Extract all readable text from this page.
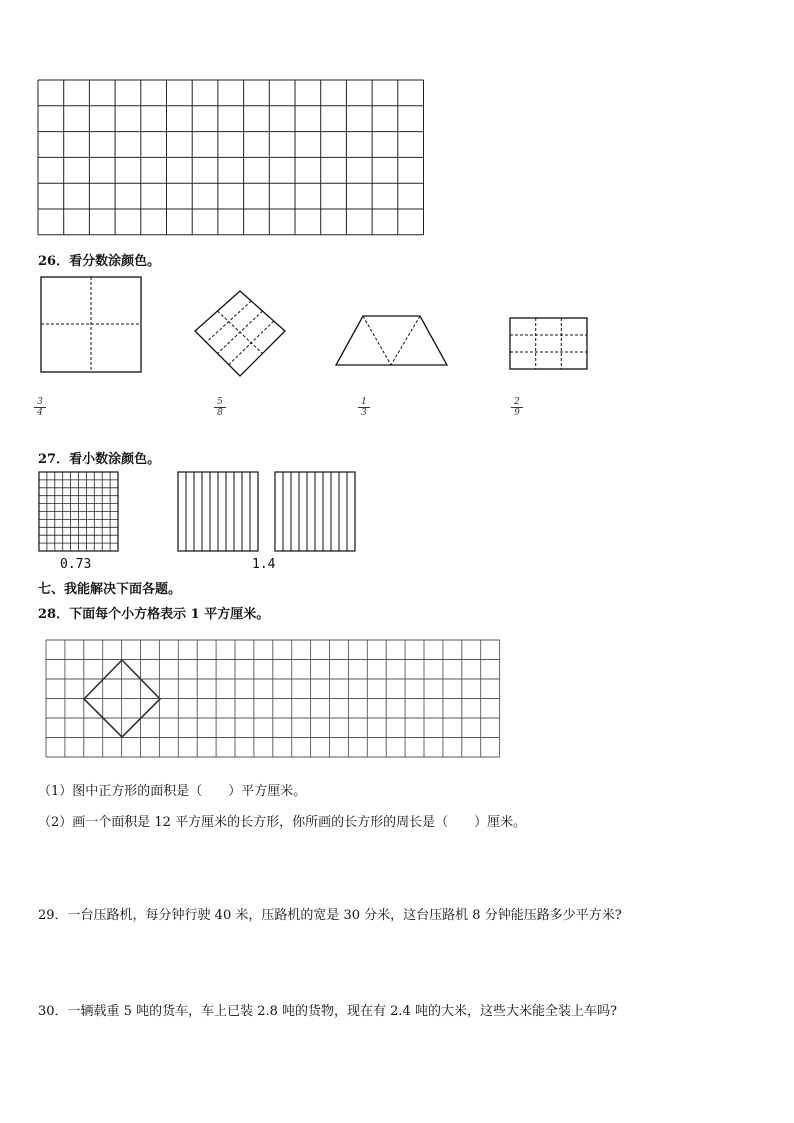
26．看分数涂颜色。
$\frac{3}{4}$	$\frac{5}{8}$	$\frac{1}{3}$	$\frac{2}{9}$
27．看小数涂颜色。
0.73	1.4
七、我能解决下面各题。
28．下面每个小方格表示 1 平方厘米。
（1）图中正方形的面积是（　　）平方厘米。
（2）画一个面积是 12 平方厘米的长方形，你所画的长方形的周长是（　　）厘米。
29．一台压路机，每分钟行驶 40 米，压路机的宽是 30 分米，这台压路机 8 分钟能压路多少平方米?
30．一辆载重 5 吨的货车，车上已装 2.8 吨的货物，现在有 2.4 吨的大米，这些大米能全装上车吗?
